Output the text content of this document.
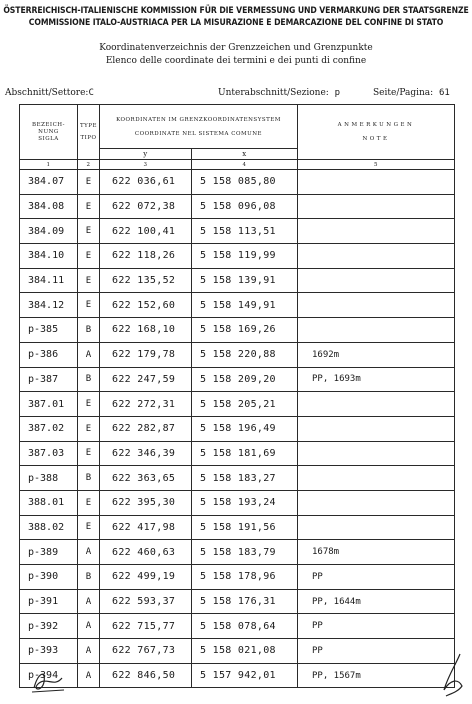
ÖSTERREICHISCH-ITALIENISCHE KOMMISSION FÜR DIE VERMESSUNG UND VERMARKUNG DER STAATSGRENZE
COMMISSIONE ITALO-AUSTRIACA PER LA MISURAZIONE E DEMARCAZIONE DEL CONFINE DI STATO
Koordinatenverzeichnis der Grenzzeichen und Grenzpunkte
Elenco delle coordinate dei termini e dei punti di confine
Abschnitt/Settore:C	Unterabschnitt/Sezione: p	Seite/Pagina: 61
BEZEICH-
NUNG
SIGLA	TYPE
TIPO	KOORDINATEN IM GRENZKOORDINATENSYSTEM
COORDINATE NEL SISTEMA COMUNE		ANMERKUNGEN
NOTE

		y	x	
1	2	3	4	5
384.07	E	622 036,61	5 158 085,80	
384.08	E	622 072,38	5 158 096,08	
384.09	E	622 100,41	5 158 113,51	
384.10	E	622 118,26	5 158 119,99	
384.11	E	622 135,52	5 158 139,91	
384.12	E	622 152,60	5 158 149,91	
p-385	B	622 168,10	5 158 169,26	
p-386	A	622 179,78	5 158 220,88	1692m
p-387	B	622 247,59	5 158 209,20	PP, 1693m
387.01	E	622 272,31	5 158 205,21	
387.02	E	622 282,87	5 158 196,49	
387.03	E	622 346,39	5 158 181,69	
p-388	B	622 363,65	5 158 183,27	
388.01	E	622 395,30	5 158 193,24	
388.02	E	622 417,98	5 158 191,56	
p-389	A	622 460,63	5 158 183,79	1678m
p-390	B	622 499,19	5 158 178,96	PP
p-391	A	622 593,37	5 158 176,31	PP, 1644m
p-392	A	622 715,77	5 158 078,64	PP
p-393	A	622 767,73	5 158 021,08	PP
p-394	A	622 846,50	5 157 942,01	PP, 1567m
